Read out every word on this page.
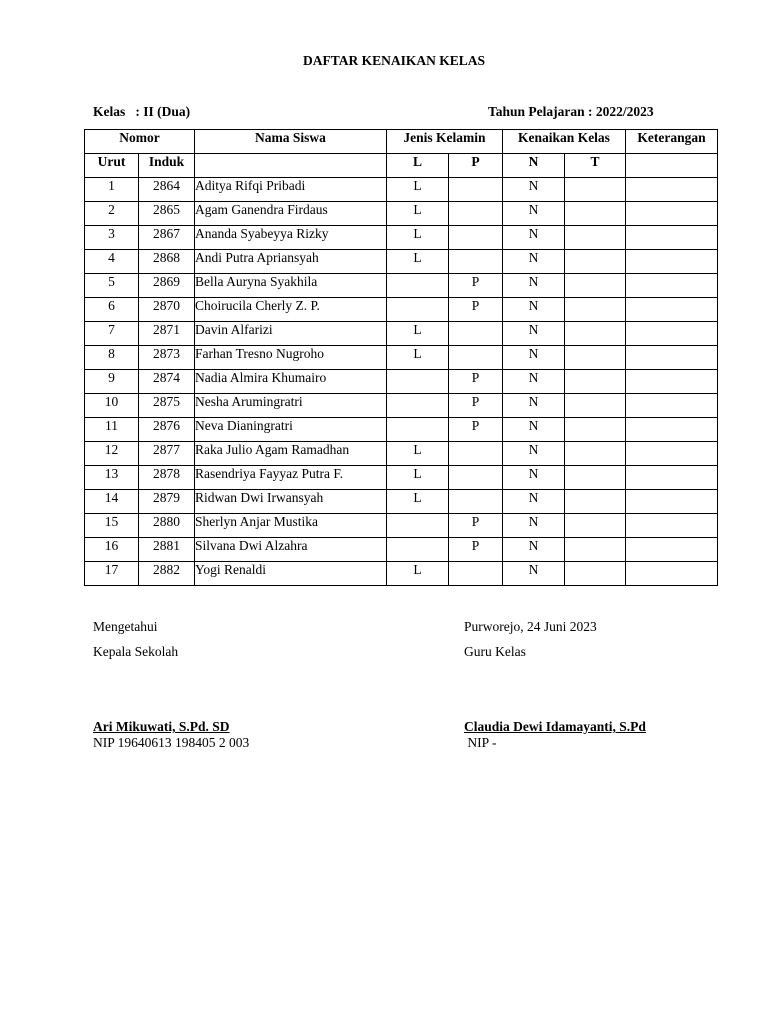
DAFTAR KENAIKAN KELAS
Kelas   : II (Dua)	Tahun Pelajaran : 2022/2023
Nomor		Nama Siswa	Jenis Kelamin		Kenaikan Kelas		Keterangan
Urut	Induk		L	P	N	T	
1	2864	Aditya Rifqi Pribadi	L		N		
2	2865	Agam Ganendra Firdaus	L		N		
3	2867	Ananda Syabeyya Rizky	L		N		
4	2868	Andi Putra Apriansyah	L		N		
5	2869	Bella Auryna Syakhila		P	N		
6	2870	Choirucila Cherly Z. P.		P	N		
7	2871	Davin Alfarizi	L		N		
8	2873	Farhan Tresno Nugroho	L		N		
9	2874	Nadia Almira Khumairo		P	N		
10	2875	Nesha Arumingratri		P	N		
11	2876	Neva Dianingratri		P	N		
12	2877	Raka Julio Agam Ramadhan	L		N		
13	2878	Rasendriya Fayyaz Putra F.	L		N		
14	2879	Ridwan Dwi Irwansyah	L		N		
15	2880	Sherlyn Anjar Mustika		P	N		
16	2881	Silvana Dwi Alzahra		P	N		
17	2882	Yogi Renaldi	L		N		
Mengetahui
Kepala Sekolah
Ari Mikuwati, S.Pd. SD
NIP 19640613 198405 2 003
Purworejo, 24 Juni 2023
Guru Kelas
Claudia Dewi Idamayanti, S.Pd
NIP -
